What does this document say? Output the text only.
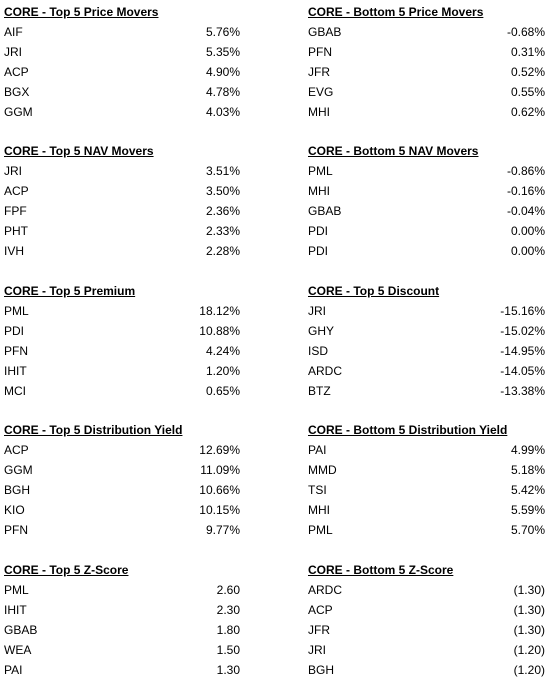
CORE - Top 5 Price Movers
AIF	5.76%
JRI	5.35%
ACP	4.90%
BGX	4.78%
GGM	4.03%
CORE - Bottom 5 Price Movers
GBAB	-0.68%
PFN	0.31%
JFR	0.52%
EVG	0.55%
MHI	0.62%
CORE - Top 5 NAV Movers
JRI	3.51%
ACP	3.50%
FPF	2.36%
PHT	2.33%
IVH	2.28%
CORE - Bottom 5 NAV Movers
PML	-0.86%
MHI	-0.16%
GBAB	-0.04%
PDI	0.00%
PDI	0.00%
CORE - Top 5 Premium
PML	18.12%
PDI	10.88%
PFN	4.24%
IHIT	1.20%
MCI	0.65%
CORE - Top 5 Discount
JRI	-15.16%
GHY	-15.02%
ISD	-14.95%
ARDC	-14.05%
BTZ	-13.38%
CORE - Top 5 Distribution Yield
ACP	12.69%
GGM	11.09%
BGH	10.66%
KIO	10.15%
PFN	9.77%
CORE - Bottom 5 Distribution Yield
PAI	4.99%
MMD	5.18%
TSI	5.42%
MHI	5.59%
PML	5.70%
CORE - Top 5 Z-Score
PML	2.60
IHIT	2.30
GBAB	1.80
WEA	1.50
PAI	1.30
CORE - Bottom 5 Z-Score
ARDC	(1.30)
ACP	(1.30)
JFR	(1.30)
JRI	(1.20)
BGH	(1.20)
